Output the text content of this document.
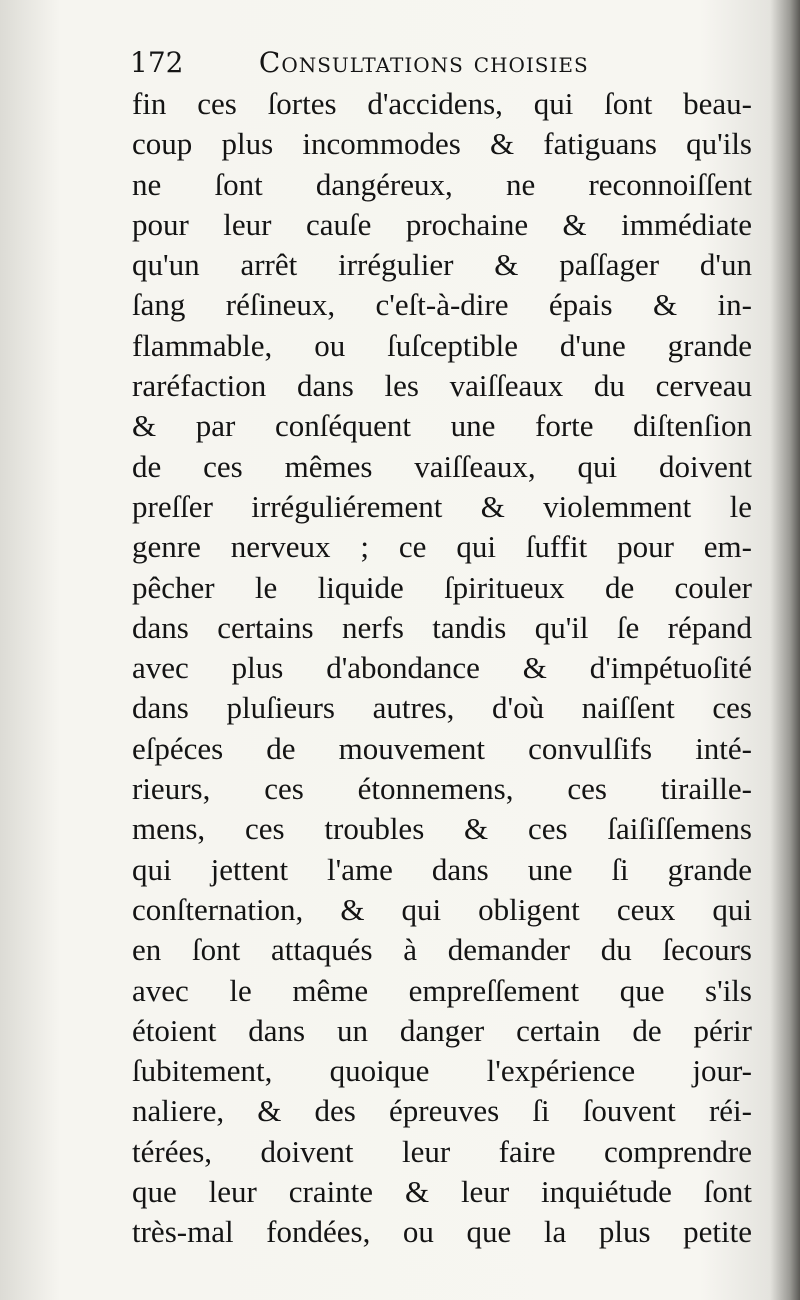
172	Consultations choisies
fin ces ſortes d'accidens, qui ſont beau-
coup plus incommodes & fatiguans qu'ils
ne ſont dangéreux, ne reconnoiſſent
pour leur cauſe prochaine & immédiate
qu'un arrêt irrégulier & paſſager d'un
ſang réſineux, c'eſt-à-dire épais & in-
flammable, ou ſuſceptible d'une grande
raréfaction dans les vaiſſeaux du cerveau
& par conſéquent une forte diſtenſion
de ces mêmes vaiſſeaux, qui doivent
preſſer irréguliérement & violemment le
genre nerveux ; ce qui ſuffit pour em-
pêcher le liquide ſpiritueux de couler
dans certains nerfs tandis qu'il ſe répand
avec plus d'abondance & d'impétuoſité
dans pluſieurs autres, d'où naiſſent ces
eſpéces de mouvement convulſifs inté-
rieurs, ces étonnemens, ces tiraille-
mens, ces troubles & ces ſaiſiſſemens
qui jettent l'ame dans une ſi grande
conſternation, & qui obligent ceux qui
en ſont attaqués à demander du ſecours
avec le même empreſſement que s'ils
étoient dans un danger certain de périr
ſubitement, quoique l'expérience jour-
naliere, & des épreuves ſi ſouvent réi-
térées, doivent leur faire comprendre
que leur crainte & leur inquiétude ſont
très-mal fondées, ou que la plus petite
